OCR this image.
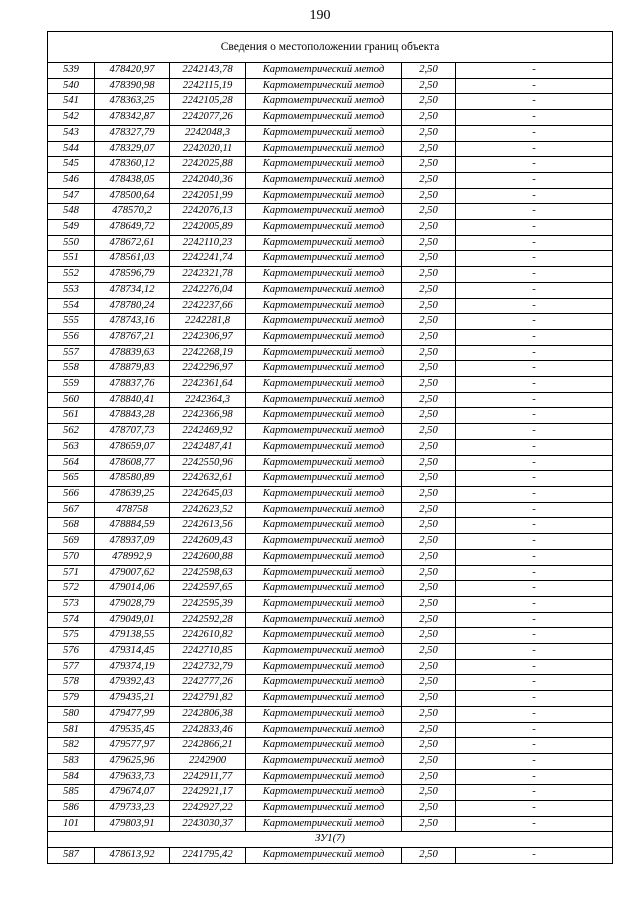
190
Сведения о местоположении границ объекта					
539	478420,97	2242143,78	Картометрический метод	2,50	-
540	478390,98	2242115,19	Картометрический метод	2,50	-
541	478363,25	2242105,28	Картометрический метод	2,50	-
542	478342,87	2242077,26	Картометрический метод	2,50	-
543	478327,79	2242048,3	Картометрический метод	2,50	-
544	478329,07	2242020,11	Картометрический метод	2,50	-
545	478360,12	2242025,88	Картометрический метод	2,50	-
546	478438,05	2242040,36	Картометрический метод	2,50	-
547	478500,64	2242051,99	Картометрический метод	2,50	-
548	478570,2	2242076,13	Картометрический метод	2,50	-
549	478649,72	2242005,89	Картометрический метод	2,50	-
550	478672,61	2242110,23	Картометрический метод	2,50	-
551	478561,03	2242241,74	Картометрический метод	2,50	-
552	478596,79	2242321,78	Картометрический метод	2,50	-
553	478734,12	2242276,04	Картометрический метод	2,50	-
554	478780,24	2242237,66	Картометрический метод	2,50	-
555	478743,16	2242281,8	Картометрический метод	2,50	-
556	478767,21	2242306,97	Картометрический метод	2,50	-
557	478839,63	2242268,19	Картометрический метод	2,50	-
558	478879,83	2242296,97	Картометрический метод	2,50	-
559	478837,76	2242361,64	Картометрический метод	2,50	-
560	478840,41	2242364,3	Картометрический метод	2,50	-
561	478843,28	2242366,98	Картометрический метод	2,50	-
562	478707,73	2242469,92	Картометрический метод	2,50	-
563	478659,07	2242487,41	Картометрический метод	2,50	-
564	478608,77	2242550,96	Картометрический метод	2,50	-
565	478580,89	2242632,61	Картометрический метод	2,50	-
566	478639,25	2242645,03	Картометрический метод	2,50	-
567	478758	2242623,52	Картометрический метод	2,50	-
568	478884,59	2242613,56	Картометрический метод	2,50	-
569	478937,09	2242609,43	Картометрический метод	2,50	-
570	478992,9	2242600,88	Картометрический метод	2,50	-
571	479007,62	2242598,63	Картометрический метод	2,50	-
572	479014,06	2242597,65	Картометрический метод	2,50	-
573	479028,79	2242595,39	Картометрический метод	2,50	-
574	479049,01	2242592,28	Картометрический метод	2,50	-
575	479138,55	2242610,82	Картометрический метод	2,50	-
576	479314,45	2242710,85	Картометрический метод	2,50	-
577	479374,19	2242732,79	Картометрический метод	2,50	-
578	479392,43	2242777,26	Картометрический метод	2,50	-
579	479435,21	2242791,82	Картометрический метод	2,50	-
580	479477,99	2242806,38	Картометрический метод	2,50	-
581	479535,45	2242833,46	Картометрический метод	2,50	-
582	479577,97	2242866,21	Картометрический метод	2,50	-
583	479625,96	2242900	Картометрический метод	2,50	-
584	479633,73	2242911,77	Картометрический метод	2,50	-
585	479674,07	2242921,17	Картометрический метод	2,50	-
586	479733,23	2242927,22	Картометрический метод	2,50	-
101	479803,91	2243030,37	Картометрический метод	2,50	-
ЗУ1(7)					
587	478613,92	2241795,42	Картометрический метод	2,50	-
